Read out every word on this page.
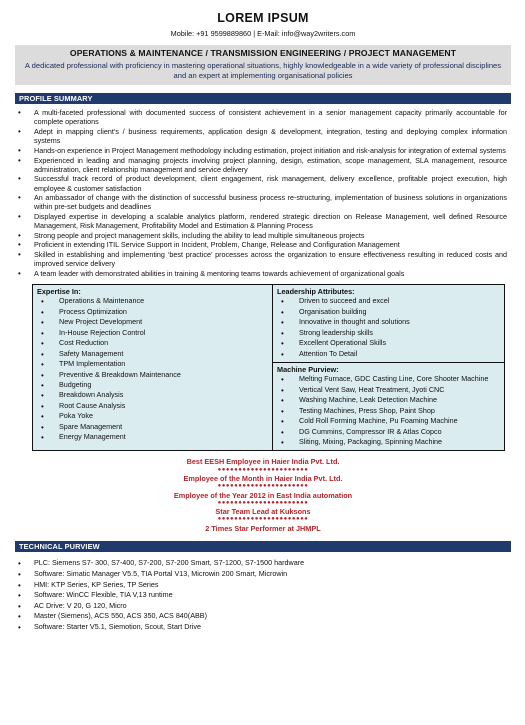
LOREM IPSUM
Mobile: +91 9599889860 | E-Mail: info@way2writers.com
OPERATIONS & MAINTENANCE / TRANSMISSION ENGINEERING / PROJECT MANAGEMENT
A dedicated professional with proficiency in mastering operational situations, highly knowledgeable in a wide variety of professional disciplines and an expert at implementing organisational policies
PROFILE SUMMARY
• A multi-faceted professional with documented success of consistent achievement in a senior management capacity primarily accountable for complete operations
• Adept in mapping client’s / business requirements, application design & development, integration, testing and deploying complex information systems
• Hands-on experience in Project Management methodology including estimation, project initiation and risk-analysis for integration of external systems
• Experienced in leading and managing projects involving project planning, design, estimation, scope management, SLA management, resource administration, client relationship management and service delivery
• Successful track record of product development, client engagement, risk management, delivery excellence, profitable project execution, high employee & customer satisfaction
• An ambassador of change with the distinction of successful business process re-structuring, implementation of business solutions in organizations within pre-set budgets and deadlines
• Displayed expertise in developing a scalable analytics platform, rendered strategic direction on Release Management, well defined Resource Management, Risk Management, Profitability Model and Estimation & Planning Process
• Strong people and project management skills, including the ability to lead multiple simultaneous projects
• Proficient in extending ITIL Service Support in Incident, Problem, Change, Release and Configuration Management
• Skilled in establishing and implementing ‘best practice’ processes across the organization to ensure effectiveness resulting in reduced costs and improved service delivery
• A team leader with demonstrated abilities in training & mentoring teams towards achievement of organizational goals
Expertise In:
• Operations & Maintenance
• Process Optimization
• New Project Development
• In-House Rejection Control
• Cost Reduction
• Safety Management
• TPM Implementation
• Preventive & Breakdown Maintenance
• Budgeting
• Breakdown Analysis
• Root Cause Analysis
• Poka Yoke
• Spare Management
• Energy Management
Leadership Attributes:
• Driven to succeed and excel
• Organisation building
• Innovative in thought and solutions
• Strong leadership skills
• Excellent Operational Skills
• Attention To Detail
Machine Purview:
• Melting Furnace, GDC Casting Line, Core Shooter Machine
• Vertical Vent Saw, Heat Treatment, Jyoti CNC
• Washing Machine, Leak Detection Machine
• Testing Machines, Press Shop, Paint Shop
• Cold Roll Forming Machine, Pu Foaming Machine
• DG Cummins, Compressor IR & Atlas Copco
• Sliting, Mixing, Packaging, Spinning Machine
Best EESH Employee in Haier India Pvt. Ltd.
●●●●●●●●●●●●●●●●●●●●●●
Employee of the Month in Haier India Pvt. Ltd.
●●●●●●●●●●●●●●●●●●●●●●
Employee of the Year 2012 in East India automation
●●●●●●●●●●●●●●●●●●●●●●
Star Team Lead at Kuksons
●●●●●●●●●●●●●●●●●●●●●●
2 Times Star Performer at JHMPL
TECHNICAL PURVIEW
• PLC: Siemens S7- 300, S7-400, S7-200, S7-200 Smart, S7-1200, S7-1500 hardware
• Software: Simatic Manager V5.5, TIA Portal V13, Microwin 200 Smart, Microwin
• HMI: KTP Series, KP Series, TP Series
• Software: WinCC Flexible, TIA V,13 runtime
• AC Drive: V 20, G 120, Micro
• Master (Siemens), ACS 550, ACS 350, ACS 840(ABB)
• Software: Starter V5.1, Siemotion, Scout, Start Drive
